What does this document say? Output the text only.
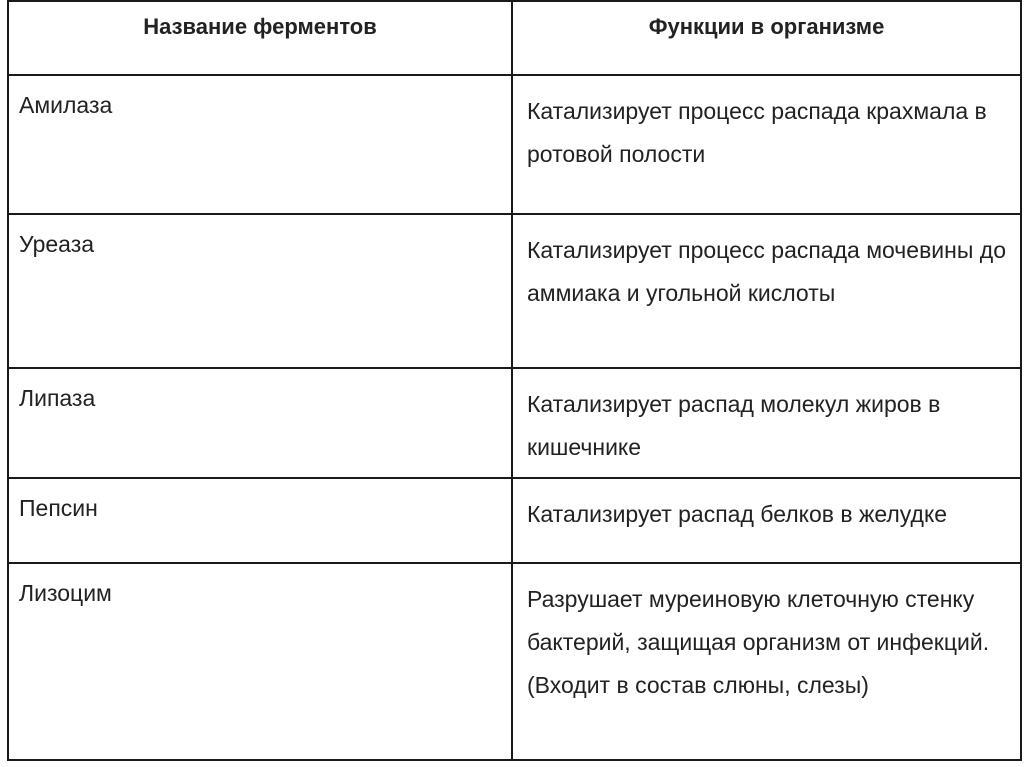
Название ферментов	Функции в организме

Амилаза	Катализирует процесс распада крахмала в ротовой полости

Уреаза	Катализирует процесс распада мочевины до аммиака и угольной кислоты

Липаза	Катализирует распад молекул жиров в кишечнике

Пепсин	Катализирует распад белков в желудке

Лизоцим	Разрушает муреиновую клеточную стенку бактерий, защищая организм от инфекций. (Входит в состав слюны, слезы)
